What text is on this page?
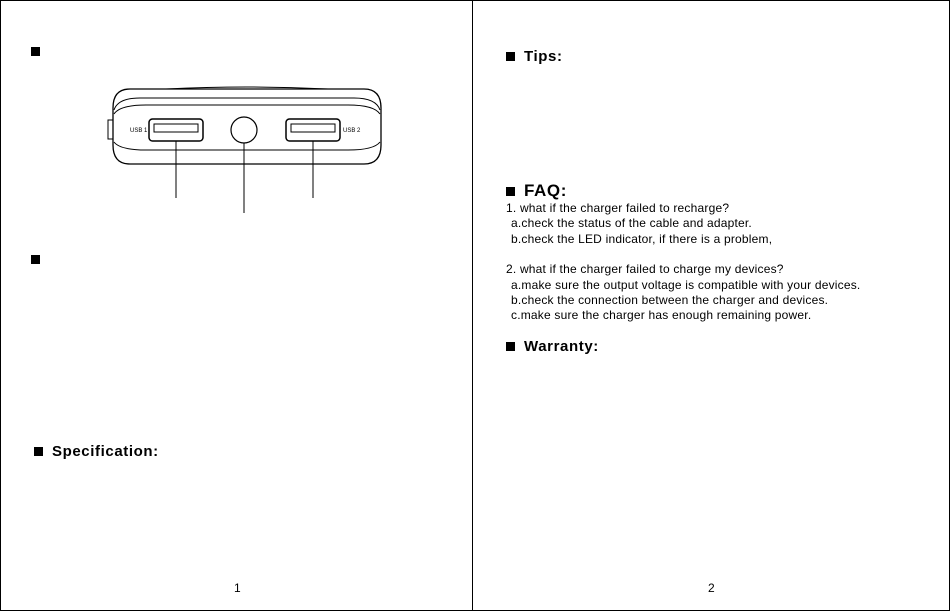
USB 1	USB 2
Specification:
1
Tips:
FAQ:
1. what if the charger failed to recharge?
a.check the status of the cable and adapter.
b.check the LED indicator, if there is a problem,
2. what if the charger failed to charge my devices?
a.make sure the output voltage is compatible with your devices.
b.check the connection between the charger and devices.
c.make sure the charger has enough remaining power.
Warranty:
2
